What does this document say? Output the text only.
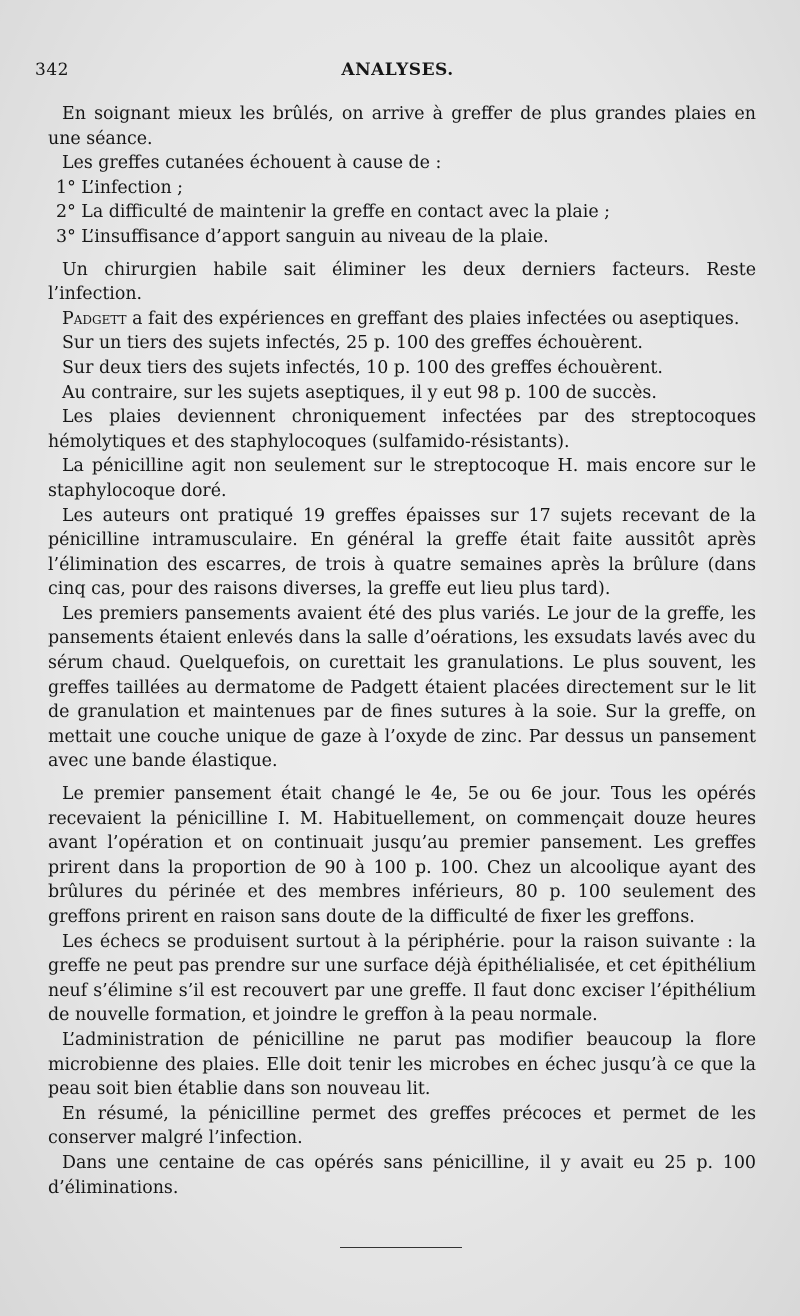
342	ANALYSES.

En soignant mieux les brûlés, on arrive à greffer de plus grandes plaies en une séance.

Les greffes cutanées échouent à cause de :

1° L’infection ;

2° La difficulté de maintenir la greffe en contact avec la plaie ;

3° L’insuffisance d’apport sanguin au niveau de la plaie.

Un chirurgien habile sait éliminer les deux derniers facteurs. Reste l’infection.

Padgett a fait des expériences en greffant des plaies infectées ou aseptiques.

Sur un tiers des sujets infectés, 25 p. 100 des greffes échouèrent.

Sur deux tiers des sujets infectés, 10 p. 100 des greffes échouèrent.

Au contraire, sur les sujets aseptiques, il y eut 98 p. 100 de succès.

Les plaies deviennent chroniquement infectées par des streptocoques hémolytiques et des staphylocoques (sulfamido-résistants).

La pénicilline agit non seulement sur le streptocoque H. mais encore sur le staphylocoque doré.

Les auteurs ont pratiqué 19 greffes épaisses sur 17 sujets recevant de la pénicilline intramusculaire. En général la greffe était faite aussitôt après l’élimination des escarres, de trois à quatre semaines après la brûlure (dans cinq cas, pour des raisons diverses, la greffe eut lieu plus tard).

Les premiers pansements avaient été des plus variés. Le jour de la greffe, les pansements étaient enlevés dans la salle d’oérations, les exsudats lavés avec du sérum chaud. Quelquefois, on curettait les granulations. Le plus souvent, les greffes taillées au dermatome de Padgett étaient placées directement sur le lit de granulation et maintenues par de fines sutures à la soie. Sur la greffe, on mettait une couche unique de gaze à l’oxyde de zinc. Par dessus un pansement avec une bande élastique.

Le premier pansement était changé le 4e, 5e ou 6e jour. Tous les opérés recevaient la pénicilline I. M. Habituellement, on commençait douze heures avant l’opération et on continuait jusqu’au premier pansement. Les greffes prirent dans la proportion de 90 à 100 p. 100. Chez un alcoolique ayant des brûlures du périnée et des membres inférieurs, 80 p. 100 seulement des greffons prirent en raison sans doute de la difficulté de fixer les greffons.

Les échecs se produisent surtout à la périphérie. pour la raison suivante : la greffe ne peut pas prendre sur une surface déjà épithélialisée, et cet épithélium neuf s’élimine s’il est recouvert par une greffe. Il faut donc exciser l’épithélium de nouvelle formation, et joindre le greffon à la peau normale.

L’administration de pénicilline ne parut pas modifier beaucoup la flore microbienne des plaies. Elle doit tenir les microbes en échec jusqu’à ce que la peau soit bien établie dans son nouveau lit.

En résumé, la pénicilline permet des greffes précoces et permet de les conserver malgré l’infection.

Dans une centaine de cas opérés sans pénicilline, il y avait eu 25 p. 100 d’éliminations.
